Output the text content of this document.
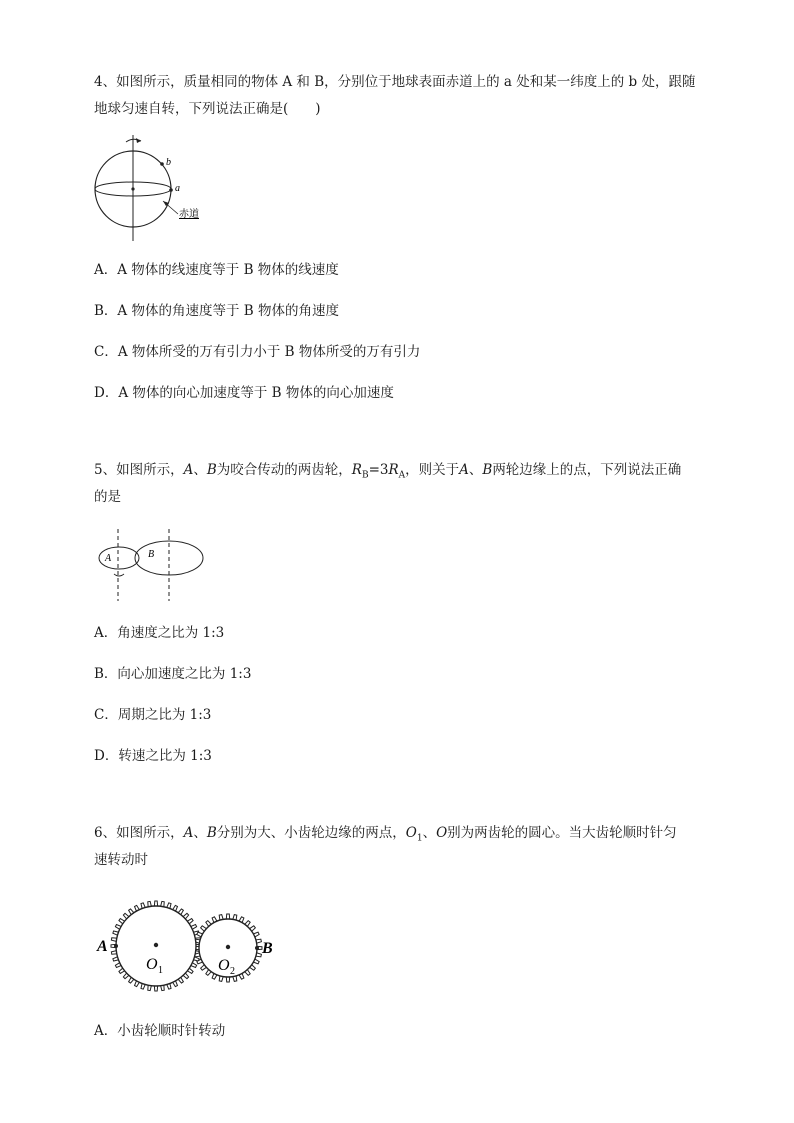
4、如图所示，质量相同的物体 A 和 B，分别位于地球表面赤道上的 a 处和某一纬度上的 b 处，跟随
地球匀速自转，下列说法正确是(　　)
b
a
赤道
A．A 物体的线速度等于 B 物体的线速度
B．A 物体的角速度等于 B 物体的角速度
C．A 物体所受的万有引力小于 B 物体所受的万有引力
D．A 物体的向心加速度等于 B 物体的向心加速度
5、如图所示，A、B为咬合传动的两齿轮，$R_B=3R_A$，则关于A、B两轮边缘上的点，下列说法正确
的是
A	B
A．角速度之比为 1:3
B．向心加速度之比为 1:3
C．周期之比为 1:3
D．转速之比为 1:3
6、如图所示，A、B分别为大、小齿轮边缘的两点，$O_1$、O别为两齿轮的圆心。当大齿轮顺时针匀
速转动时
A	B
O 1	O 2
A．小齿轮顺时针转动
